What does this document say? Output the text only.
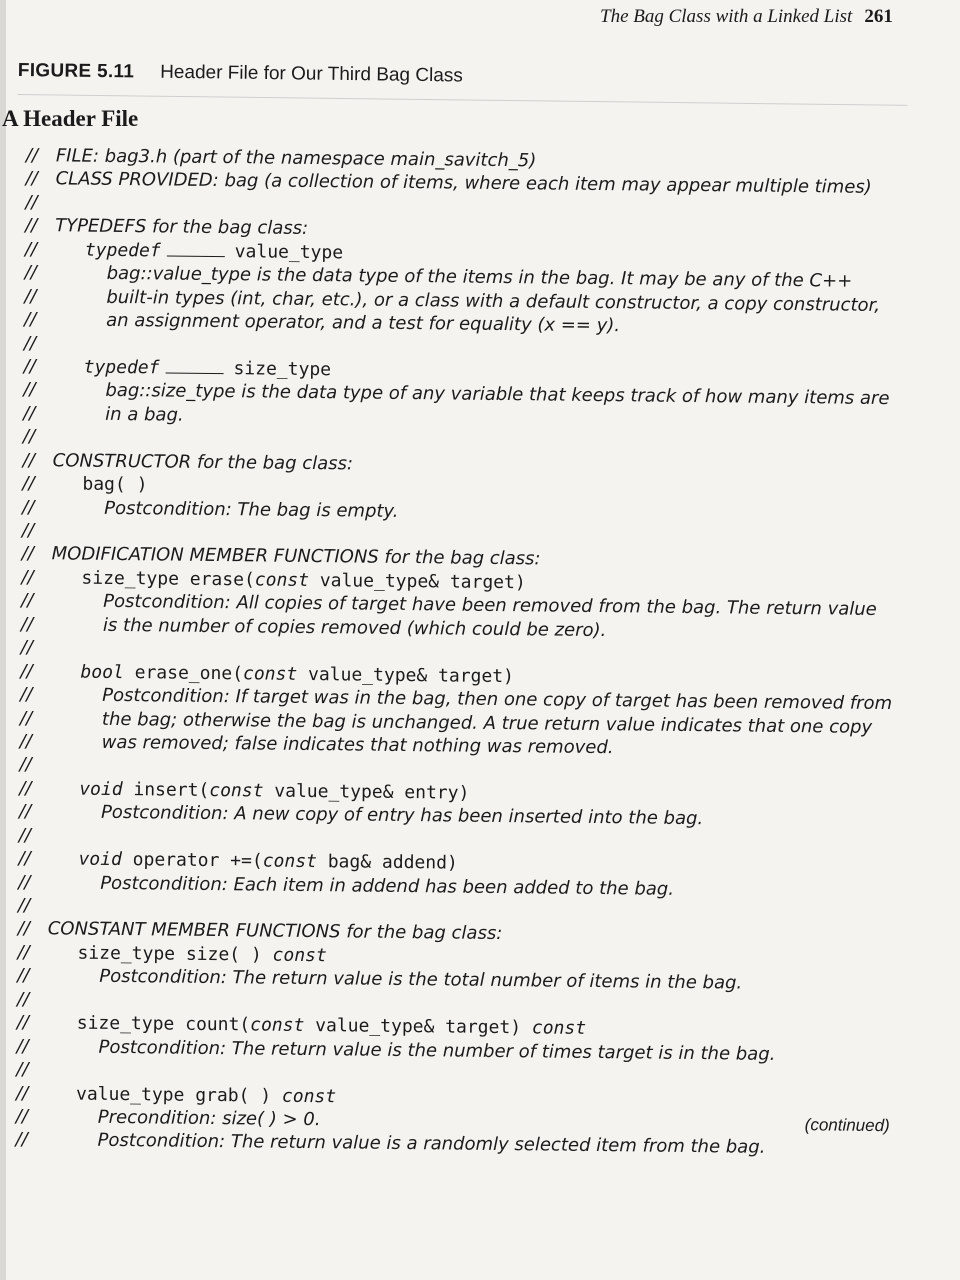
The Bag Class with a Linked List 261
FIGURE 5.11 Header File for Our Third Bag Class
A Header File
// FILE: bag3.h (part of the namespace main_savitch_5)
// CLASS PROVIDED: bag (a collection of items, where each item may appear multiple times)
//
// TYPEDEFS for the bag class:
//	typedef	value_type
//	bag::value_type is the data type of the items in the bag. It may be any of the C++
//	built-in types (int, char, etc.), or a class with a default constructor, a copy constructor,
//	an assignment operator, and a test for equality (x == y).
//
//	typedef	size_type
//	bag::size_type is the data type of any variable that keeps track of how many items are
//	in a bag.
//
// CONSTRUCTOR for the bag class:
//	bag( )
//	Postcondition: The bag is empty.
//
// MODIFICATION MEMBER FUNCTIONS for the bag class:
//	size_type erase(const value_type& target)
//	Postcondition: All copies of target have been removed from the bag. The return value
//	is the number of copies removed (which could be zero).
//
//	bool erase_one(const value_type& target)
//	Postcondition: If target was in the bag, then one copy of target has been removed from
//	the bag; otherwise the bag is unchanged. A true return value indicates that one copy
//	was removed; false indicates that nothing was removed.
//
//	void insert(const value_type& entry)
//	Postcondition: A new copy of entry has been inserted into the bag.
//
//	void operator +=(const bag& addend)
//	Postcondition: Each item in addend has been added to the bag.
//
// CONSTANT MEMBER FUNCTIONS for the bag class:
//	size_type size( ) const
//	Postcondition: The return value is the total number of items in the bag.
//
//	size_type count(const value_type& target) const
//	Postcondition: The return value is the number of times target is in the bag.
//
//	value_type grab( ) const
//	Precondition: size( ) > 0.	(continued)
//	Postcondition: The return value is a randomly selected item from the bag.
